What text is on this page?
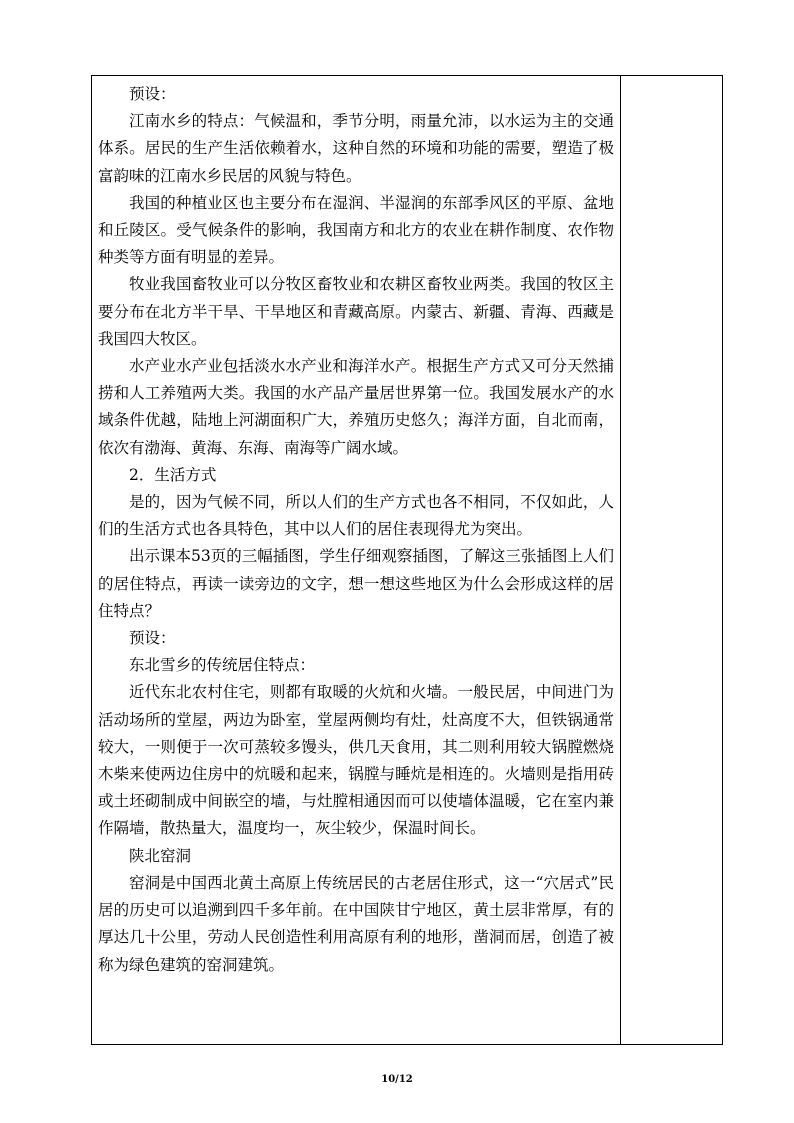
预设：

江南水乡的特点：气候温和，季节分明，雨量允沛，以水运为主的交通体系。居民的生产生活依赖着水，这种自然的环境和功能的需要，塑造了极富韵味的江南水乡民居的风貌与特色。

我国的种植业区也主要分布在湿润、半湿润的东部季风区的平原、盆地和丘陵区。受气候条件的影响，我国南方和北方的农业在耕作制度、农作物种类等方面有明显的差异。

牧业我国畜牧业可以分牧区畜牧业和农耕区畜牧业两类。我国的牧区主要分布在北方半干旱、干旱地区和青藏高原。内蒙古、新疆、青海、西藏是我国四大牧区。

水产业水产业包括淡水水产业和海洋水产。根据生产方式又可分天然捕捞和人工养殖两大类。我国的水产品产量居世界第一位。我国发展水产的水域条件优越，陆地上河湖面积广大，养殖历史悠久；海洋方面，自北而南，依次有渤海、黄海、东海、南海等广阔水域。

2．生活方式

是的，因为气候不同，所以人们的生产方式也各不相同，不仅如此，人们的生活方式也各具特色，其中以人们的居住表现得尤为突出。

出示课本53页的三幅插图，学生仔细观察插图，了解这三张插图上人们的居住特点，再读一读旁边的文字，想一想这些地区为什么会形成这样的居住特点？

预设：

东北雪乡的传统居住特点：

近代东北农村住宅，则都有取暖的火炕和火墙。一般民居，中间进门为活动场所的堂屋，两边为卧室，堂屋两侧均有灶，灶高度不大，但铁锅通常较大，一则便于一次可蒸较多馒头，供几天食用，其二则利用较大锅膛燃烧木柴来使两边住房中的炕暖和起来，锅膛与睡炕是相连的。火墙则是指用砖或土坯砌制成中间嵌空的墙，与灶膛相通因而可以使墙体温暖，它在室内兼作隔墙，散热量大，温度均一，灰尘较少，保温时间长。

陕北窑洞

窑洞是中国西北黄土高原上传统居民的古老居住形式，这一“穴居式”民居的历史可以追溯到四千多年前。在中国陕甘宁地区，黄土层非常厚，有的厚达几十公里，劳动人民创造性利用高原有利的地形，凿洞而居，创造了被称为绿色建筑的窑洞建筑。

10/12
